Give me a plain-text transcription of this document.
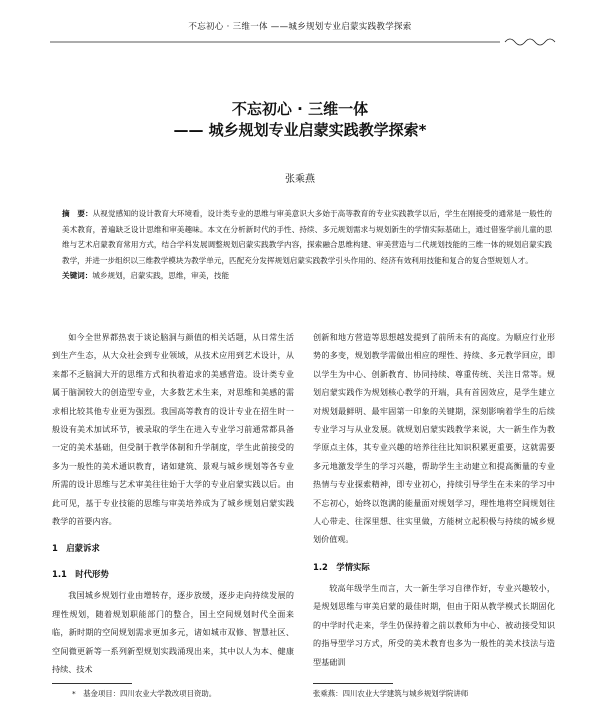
不忘初心 · 三维一体 ——城乡规划专业启蒙实践教学探索
不忘初心 · 三维一体
—— 城乡规划专业启蒙实践教学探索*
张乘燕
摘　要：从视觉感知的设计教育大环境看，设计类专业的思维与审美意识大多始于高等教育的专业实践教学以后，学生在刚接受的通常是一般性的美术教育，普遍缺乏设计思维和审美趣味。本文在分析新时代的手性、持续、多元规划需求与规划新生的学情实际基础上，通过借鉴学前儿童的思维与艺术启蒙教育常用方式，结合学科发展调整规划启蒙实践教学内容，探索融合思维构建、审美营造与二代规划技能的三维一体的规划启蒙实践教学，并进一步组织以三维教学模块为教学单元，匹配充分发挥规划启蒙实践教学引头作用的、经济有效利用技能和复合的复合型规划人才。
关键词：城乡规划，启蒙实践，思维，审美，技能

如今全世界都热衷于谈论脑洞与颜值的相关话题，从日常生活到生产生态，从大众社会到专业领域，从技术应用到艺术设计，从来都不乏脑洞大开的思维方式和执着追求的美感营造。设计类专业属于脑洞较大的创造型专业，大多数艺术生来，对思维和美感的需求相比较其他专业更为强烈。我国高等教育的设计专业在招生时一般设有美术加试环节，被录取的学生在进入专业学习前通常都具备一定的美术基础，但受制于教学体制和升学制度，学生此前接受的多为一般性的美术通识教育，诸如建筑、景观与城乡规划等各专业所需的设计思维与艺术审美往往始于大学的专业启蒙实践以后。由此可见，基于专业技能的思维与审美培养成为了城乡规划启蒙实践教学的首要内容。

1　启蒙诉求
1.1　时代形势

我国城乡规划行业由增转存，逐步放缓，逐步走向持续发展的理性规划，随着规划职能部门的整合，国土空间规划时代全面来临，新时期的空间规划需求更加多元，诸如城市双修、智慧社区、空间微更新等一系列新型规划实践涌现出来，其中以人为本、健康持续、技术

创新和地方营造等思想越发提到了前所未有的高度。为顺应行业形势的多变，规划教学需做出相应的理性、持续、多元教学回应，即以学生为中心、创新教育、协同持续、尊重传统、关注日常等。规划启蒙实践作为规划核心教学的开端，具有首因效应，是学生建立对规划最鲜明、最牢固第一印象的关键期，深刻影响着学生的后续专业学习与从业发展。就规划启蒙实践教学来说，大一新生作为教学原点主体，其专业兴趣的培养往往比知识积累更重要，这就需要多元地激发学生的学习兴趣，帮助学生主动建立和提高衡量的专业热情与专业探索精神，即专业初心，持续引导学生在未来的学习中不忘初心，始终以饱满的能量面对规划学习，理性地将空间规划往人心带走、往深里想、往实里做，方能树立起积极与持续的城乡规划价值观。

1.2　学情实际

较高年级学生而言，大一新生学习自律作好，专业兴趣较小，是规划思维与审美启蒙的最佳时期，但由于阳从教学模式长期固化的中学时代走来，学生仍保持着之前以教师为中心、被动接受知识的指导型学习方式，所受的美术教育也多为一般性的美术技法与造型基础训

*　基金项目：四川农业大学教改项目资助。	张乘燕：四川农业大学建筑与城乡规划学院讲师
